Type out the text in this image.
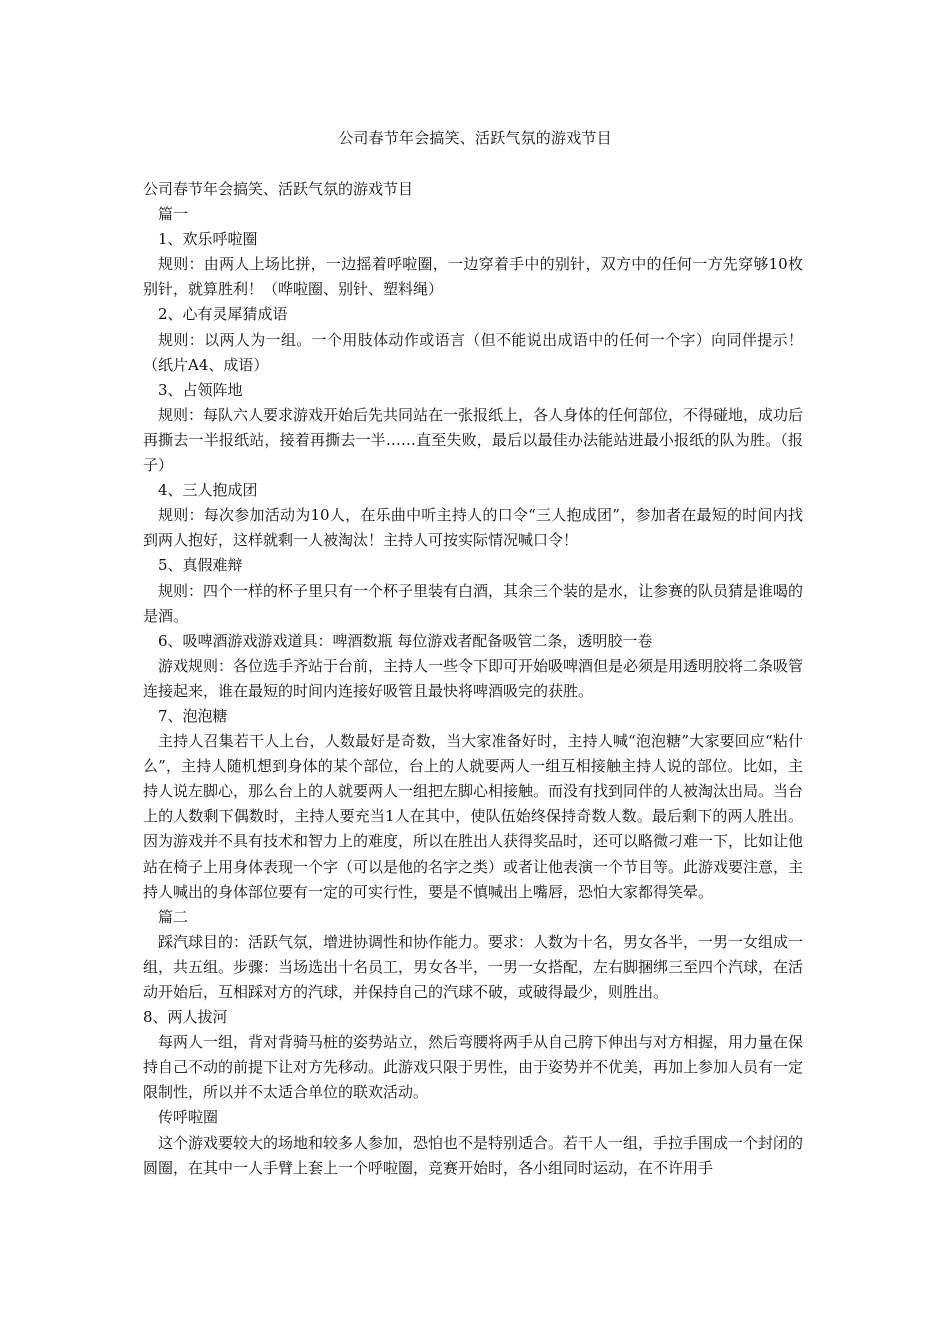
公司春节年会搞笑、活跃气氛的游戏节目

公司春节年会搞笑、活跃气氛的游戏节目

篇一

1、欢乐呼啦圈

规则：由两人上场比拼，一边摇着呼啦圈，一边穿着手中的别针，双方中的任何一方先穿够10枚别针，就算胜利！（哗啦圈、别针、塑料绳）

2、心有灵犀猜成语

规则：以两人为一组。一个用肢体动作或语言（但不能说出成语中的任何一个字）向同伴提示！（纸片A4、成语）

3、占领阵地

规则：每队六人要求游戏开始后先共同站在一张报纸上，各人身体的任何部位，不得碰地，成功后再撕去一半报纸站，接着再撕去一半……直至失败，最后以最佳办法能站进最小报纸的队为胜。（报子）

4、三人抱成团

规则：每次参加活动为10人，在乐曲中听主持人的口令“三人抱成团”，参加者在最短的时间内找到两人抱好，这样就剩一人被淘汰！主持人可按实际情况喊口令！

5、真假难辩

规则：四个一样的杯子里只有一个杯子里装有白酒，其余三个装的是水，让参赛的队员猜是谁喝的是酒。

6、吸啤酒游戏游戏道具：啤酒数瓶 每位游戏者配备吸管二条，透明胶一卷

游戏规则：各位选手齐站于台前，主持人一些令下即可开始吸啤酒但是必须是用透明胶将二条吸管连接起来，谁在最短的时间内连接好吸管且最快将啤酒吸完的获胜。

7、泡泡糖

主持人召集若干人上台，人数最好是奇数，当大家准备好时，主持人喊“泡泡糖”大家要回应“粘什么”，主持人随机想到身体的某个部位，台上的人就要两人一组互相接触主持人说的部位。比如，主持人说左脚心，那么台上的人就要两人一组把左脚心相接触。而没有找到同伴的人被淘汰出局。当台上的人数剩下偶数时，主持人要充当1人在其中，使队伍始终保持奇数人数。最后剩下的两人胜出。因为游戏并不具有技术和智力上的难度，所以在胜出人获得奖品时，还可以略微刁难一下，比如让他站在椅子上用身体表现一个字（可以是他的名字之类）或者让他表演一个节目等。此游戏要注意，主持人喊出的身体部位要有一定的可实行性，要是不慎喊出上嘴唇，恐怕大家都得笑晕。

篇二

踩汽球目的：活跃气氛，增进协调性和协作能力。要求：人数为十名，男女各半，一男一女组成一组，共五组。步骤：当场选出十名员工，男女各半，一男一女搭配，左右脚捆绑三至四个汽球，在活动开始后，互相踩对方的汽球，并保持自己的汽球不破，或破得最少，则胜出。

8、两人拔河

每两人一组，背对背骑马桩的姿势站立，然后弯腰将两手从自己胯下伸出与对方相握，用力量在保持自己不动的前提下让对方先移动。此游戏只限于男性，由于姿势并不优美，再加上参加人员有一定限制性，所以并不太适合单位的联欢活动。

传呼啦圈

这个游戏要较大的场地和较多人参加，恐怕也不是特别适合。若干人一组，手拉手围成一个封闭的圆圈，在其中一人手臂上套上一个呼啦圈，竞赛开始时，各小组同时运动，在不许用手
